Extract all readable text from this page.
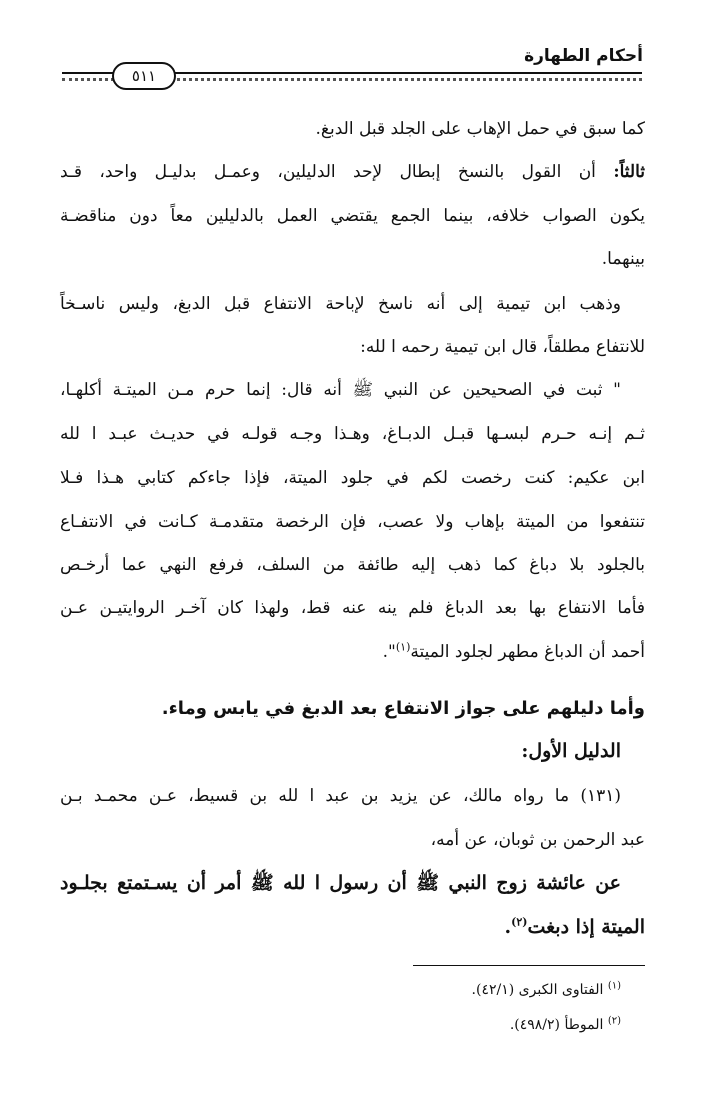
أحكام الطهارة
٥١١
كما سبق في حمل الإهاب على الجلد قبل الدبغ.
ثالثاً: أن القول بالنسخ إبطال لإحد الدليلين، وعمـل بدليـل واحد، قـد
يكون الصواب خلافه، بينما الجمع يقتضي العمل بالدليلين معاً دون مناقضـة
بينهما.
وذهب ابن تيمية إلى أنه ناسخ لإباحة الانتفاع قبل الدبغ، وليس ناسـخاً
للانتفاع مطلقاً، قال ابن تيمية رحمه ا لله:
" ثبت في الصحيحين عن النبي ﷺ أنه قال: إنما حرم مـن الميتـة أكلهـا،
ثـم إنـه حـرم لبسـها قبـل الدبـاغ، وهـذا وجـه قولـه في حديـث عبـد ا لله
ابن عكيم: كنت رخصت لكم في جلود الميتة، فإذا جاءكم كتابي هـذا فـلا
تنتفعوا من الميتة بإهاب ولا عصب، فإن الرخصة متقدمـة كـانت في الانتفـاع
بالجلود بلا دباغ كما ذهب إليه طائفة من السلف، فرفع النهي عما أرخـص
فأما الانتفاع بها بعد الدباغ فلم ينه عنه قط، ولهذا كان آخـر الروايتيـن عـن
أحمد أن الدباغ مطهر لجلود الميتة$^{(١)}$".
وأما دليلهم على جواز الانتفاع بعد الدبغ في يابس وماء.
الدليل الأول:
(١٣١) ما رواه مالك، عن يزيد بن عبد ا لله بن قسيط، عـن محمـد بـن
عبد الرحمن بن ثوبان، عن أمه،
عن عائشة زوج النبي ﷺ أن رسول ا لله ﷺ أمر أن يسـتمتع بجلـود
الميتة إذا دبغت$^{(٢)}$.
$^{(١)}$ الفتاوى الكبرى (٤٢/١).
$^{(٢)}$ الموطأ (٤٩٨/٢).
